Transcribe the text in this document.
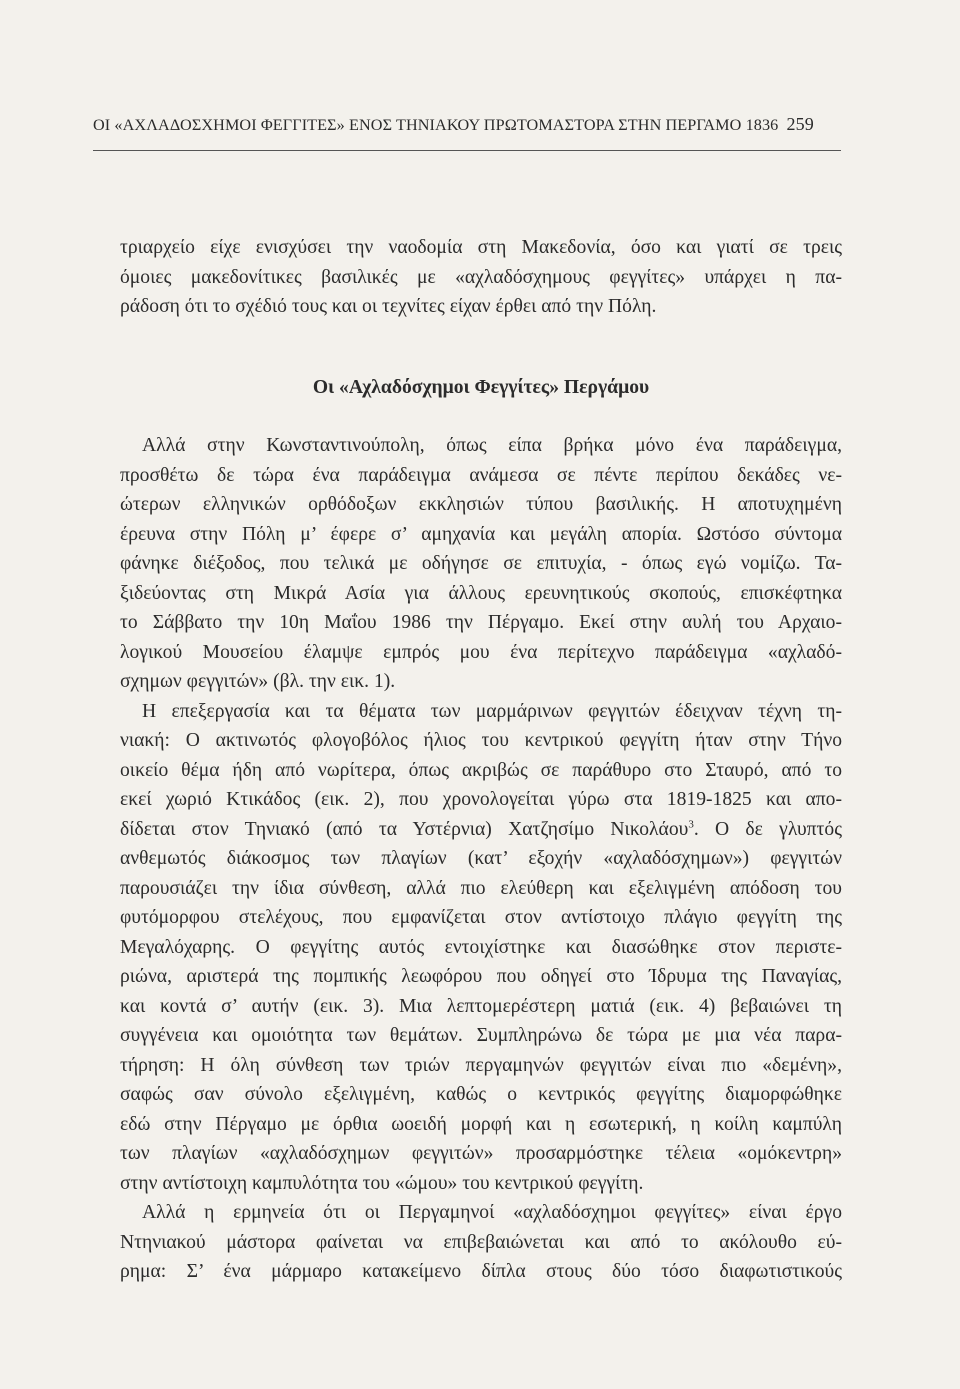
ΟΙ «ΑΧΛΑΔΟΣΧΗΜΟΙ ΦΕΓΓΙΤΕΣ» ΕΝΟΣ ΤΗΝΙΑΚΟΥ ΠΡΩΤΟΜΑΣΤΟΡΑ ΣΤΗΝ ΠΕΡΓΑΜΟ 1836 259
τριαρχείο είχε ενισχύσει την ναοδομία στη Μακεδονία, όσο και γιατί σε τρεις
όμοιες μακεδονίτικες βασιλικές με «αχλαδόσχημους φεγγίτες» υπάρχει η πα-
ράδοση ότι το σχέδιό τους και οι τεχνίτες είχαν έρθει από την Πόλη.
Οι «Αχλαδόσχημοι Φεγγίτες» Περγάμου
Αλλά στην Κωνσταντινούπολη, όπως είπα βρήκα μόνο ένα παράδειγμα,
προσθέτω δε τώρα ένα παράδειγμα ανάμεσα σε πέντε περίπου δεκάδες νε-
ώτερων ελληνικών ορθόδοξων εκκλησιών τύπου βασιλικής. Η αποτυχημένη
έρευνα στην Πόλη μ’ έφερε σ’ αμηχανία και μεγάλη απορία. Ωστόσο σύντομα
φάνηκε διέξοδος, που τελικά με οδήγησε σε επιτυχία, - όπως εγώ νομίζω. Τα-
ξιδεύοντας στη Μικρά Ασία για άλλους ερευνητικούς σκοπούς, επισκέφτηκα
το Σάββατο την 10η Μαΐου 1986 την Πέργαμο. Εκεί στην αυλή του Αρχαιο-
λογικού Μουσείου έλαμψε εμπρός μου ένα περίτεχνο παράδειγμα «αχλαδό-
σχημων φεγγιτών» (βλ. την εικ. 1).
Η επεξεργασία και τα θέματα των μαρμάρινων φεγγιτών έδειχναν τέχνη τη-
νιακή: Ο ακτινωτός φλογοβόλος ήλιος του κεντρικού φεγγίτη ήταν στην Τήνο
οικείο θέμα ήδη από νωρίτερα, όπως ακριβώς σε παράθυρο στο Σταυρό, από το
εκεί χωριό Κτικάδος (εικ. 2), που χρονολογείται γύρω στα 1819-1825 και απο-
δίδεται στον Τηνιακό (από τα Υστέρνια) Χατζησίμο Νικολάου$^3$. Ο δε γλυπτός
ανθεμωτός διάκοσμος των πλαγίων (κατ’ εξοχήν «αχλαδόσχημων») φεγγιτών
παρουσιάζει την ίδια σύνθεση, αλλά πιο ελεύθερη και εξελιγμένη απόδοση του
φυτόμορφου στελέχους, που εμφανίζεται στον αντίστοιχο πλάγιο φεγγίτη της
Μεγαλόχαρης. Ο φεγγίτης αυτός εντοιχίστηκε και διασώθηκε στον περιστε-
ριώνα, αριστερά της πομπικής λεωφόρου που οδηγεί στο Ίδρυμα της Παναγίας,
και κοντά σ’ αυτήν (εικ. 3). Μια λεπτομερέστερη ματιά (εικ. 4) βεβαιώνει τη
συγγένεια και ομοιότητα των θεμάτων. Συμπληρώνω δε τώρα με μια νέα παρα-
τήρηση: Η όλη σύνθεση των τριών περγαμηνών φεγγιτών είναι πιο «δεμένη»,
σαφώς σαν σύνολο εξελιγμένη, καθώς ο κεντρικός φεγγίτης διαμορφώθηκε
εδώ στην Πέργαμο με όρθια ωοειδή μορφή και η εσωτερική, η κοίλη καμπύλη
των πλαγίων «αχλαδόσχημων φεγγιτών» προσαρμόστηκε τέλεια «ομόκεντρη»
στην αντίστοιχη καμπυλότητα του «ώμου» του κεντρικού φεγγίτη.
Αλλά η ερμηνεία ότι οι Περγαμηνοί «αχλαδόσχημοι φεγγίτες» είναι έργο
Ντηνιακού μάστορα φαίνεται να επιβεβαιώνεται και από το ακόλουθο εύ-
ρημα: Σ’ ένα μάρμαρο κατακείμενο δίπλα στους δύο τόσο διαφωτιστικούς
